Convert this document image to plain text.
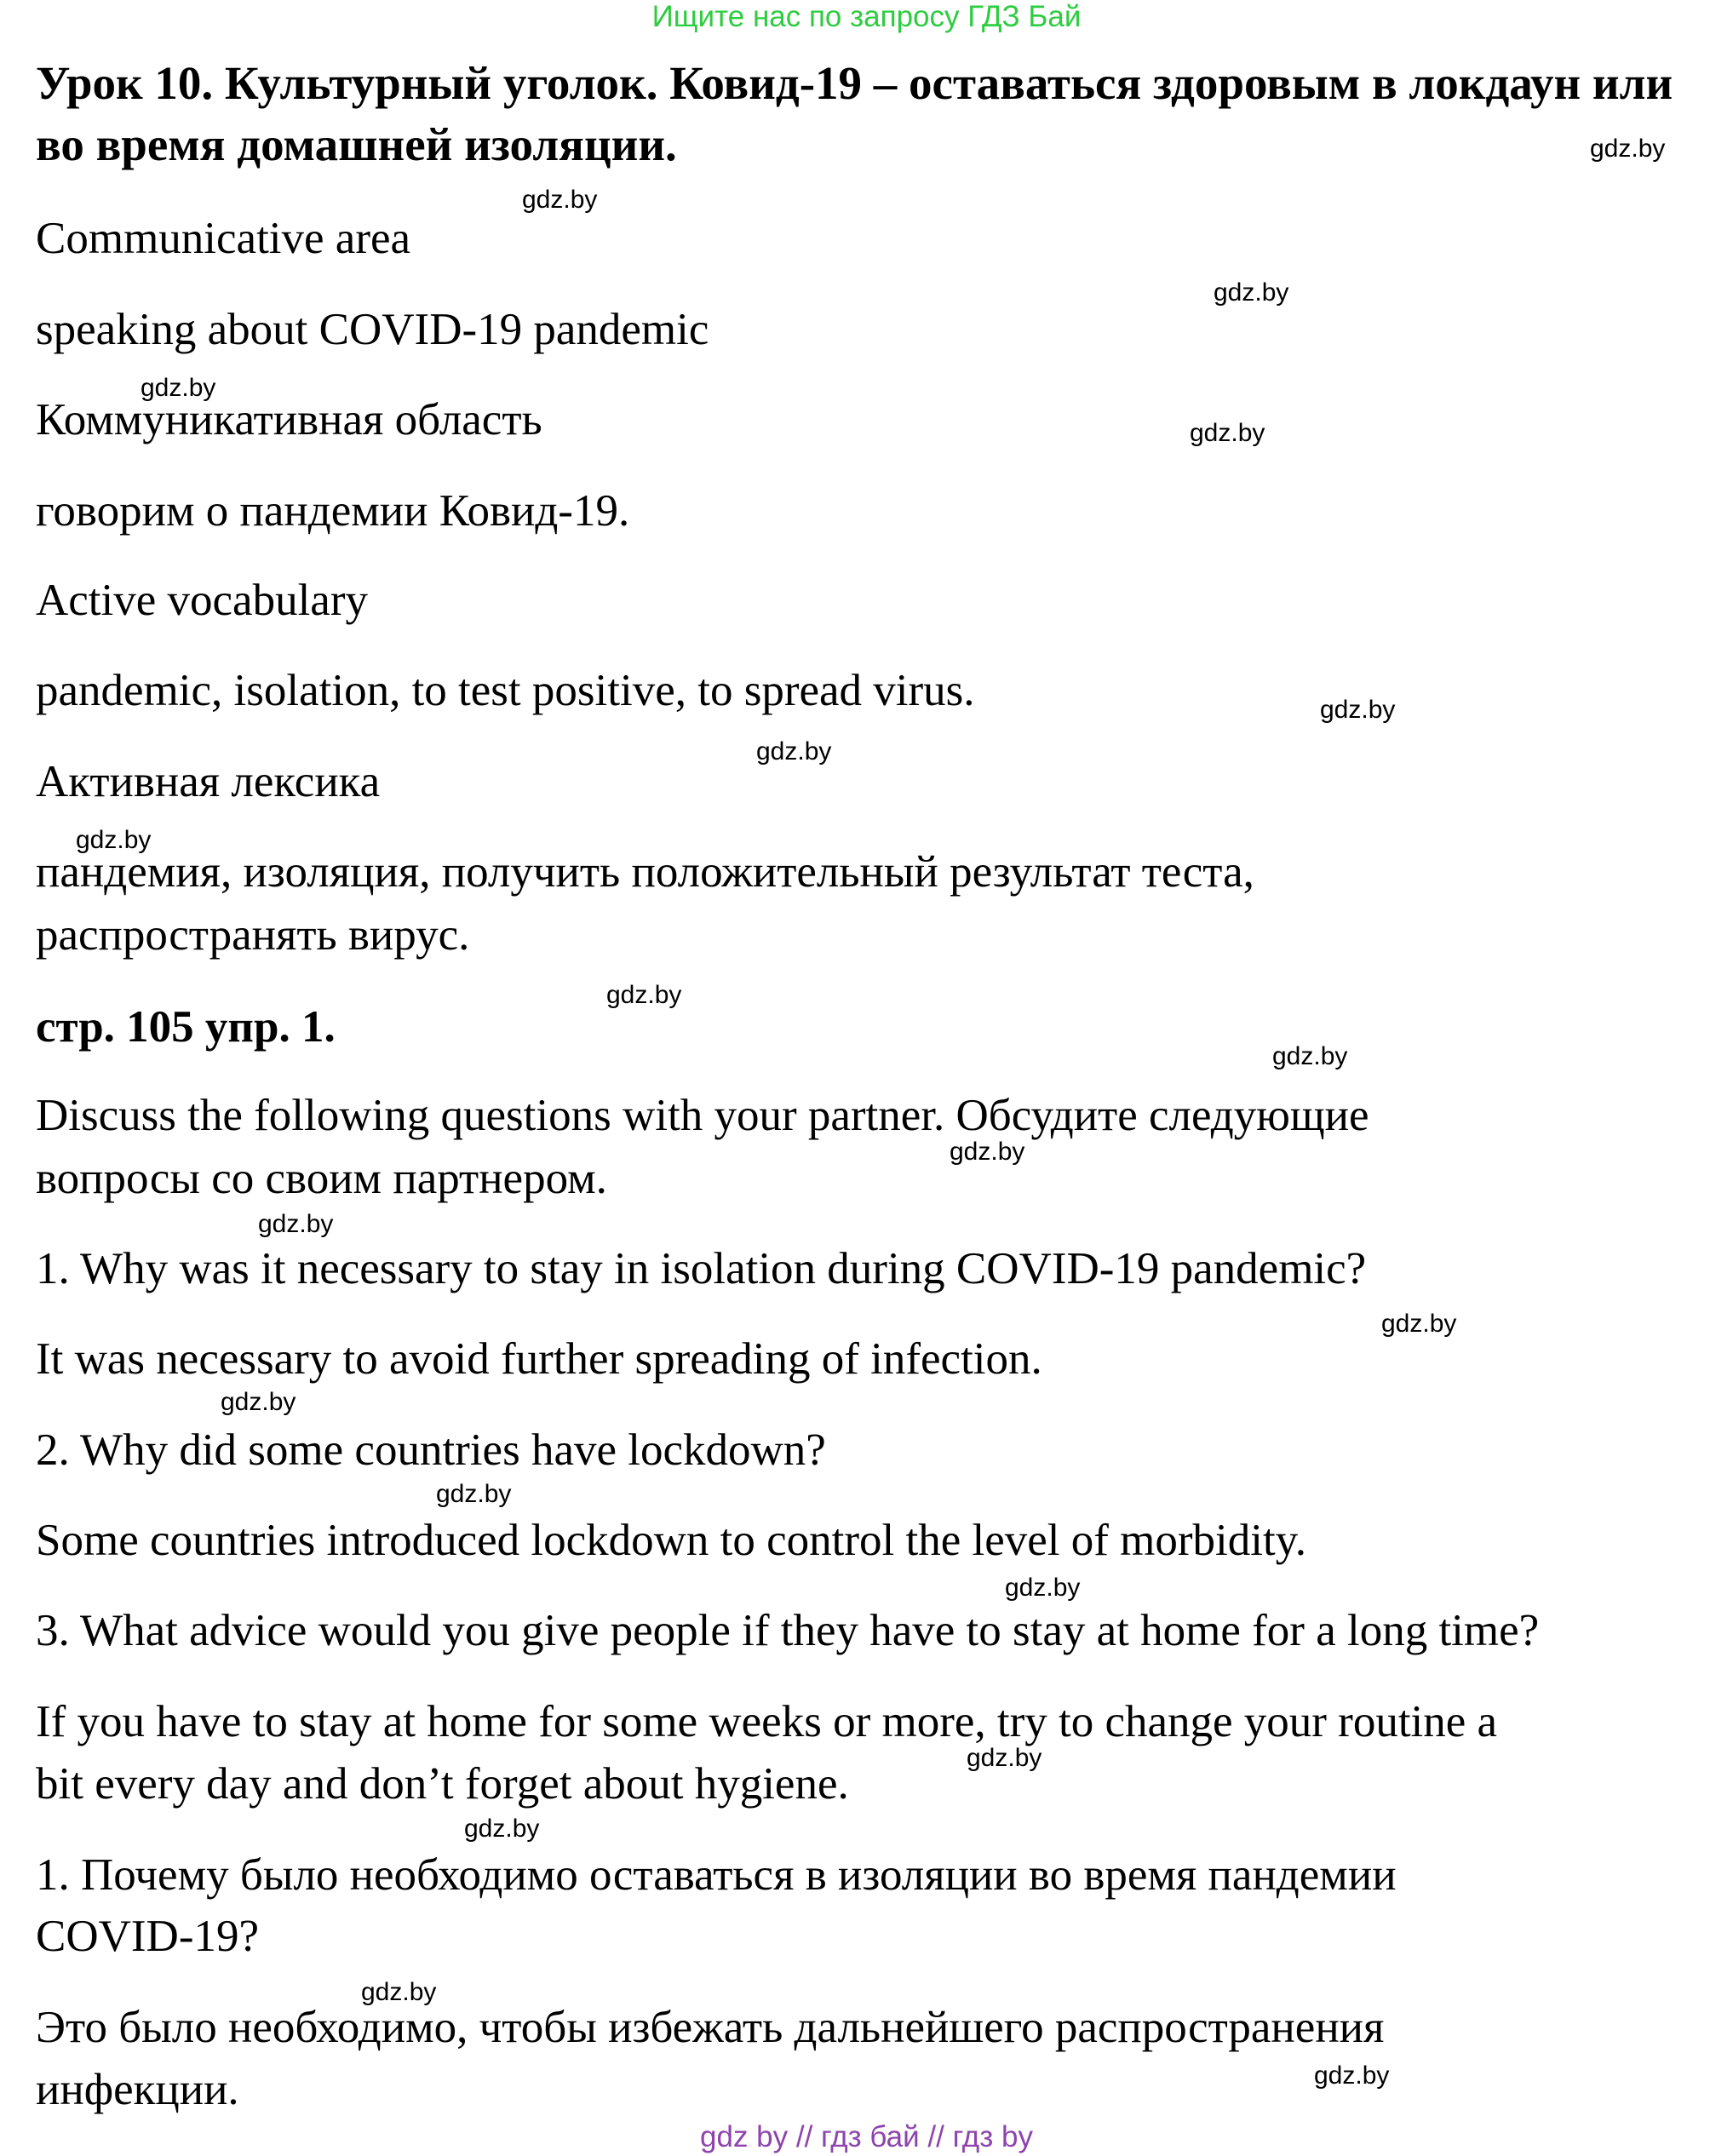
Ищите нас по запросу ГДЗ Бай
Урок 10. Культурный уголок. Ковид-19 – оставаться здоровым в локдаун или во время домашней изоляции.
Communicative area
speaking about COVID-19 pandemic
Коммуникативная область
говорим о пандемии Ковид-19.
Active vocabulary
pandemic, isolation, to test positive, to spread virus.
Активная лексика
пандемия, изоляция, получить положительный результат теста,
распространять вирус.
стр. 105 упр. 1.
Discuss the following questions with your partner. Обсудите следующие
вопросы со своим партнером.
1. Why was it necessary to stay in isolation during COVID-19 pandemic?
It was necessary to avoid further spreading of infection.
2. Why did some countries have lockdown?
Some countries introduced lockdown to control the level of morbidity.
3. What advice would you give people if they have to stay at home for a long time?
If you have to stay at home for some weeks or more, try to change your routine a
bit every day and don’t forget about hygiene.
1. Почему было необходимо оставаться в изоляции во время пандемии
COVID-19?
Это было необходимо, чтобы избежать дальнейшего распространения
инфекции.
gdz.by
gdz.by
gdz.by
gdz.by
gdz.by
gdz.by
gdz.by
gdz.by
gdz.by
gdz.by
gdz.by
gdz.by
gdz.by
gdz.by
gdz.by
gdz.by
gdz.by
gdz.by
gdz.by
gdz.by
gdz by // гдз бай // гдз by
